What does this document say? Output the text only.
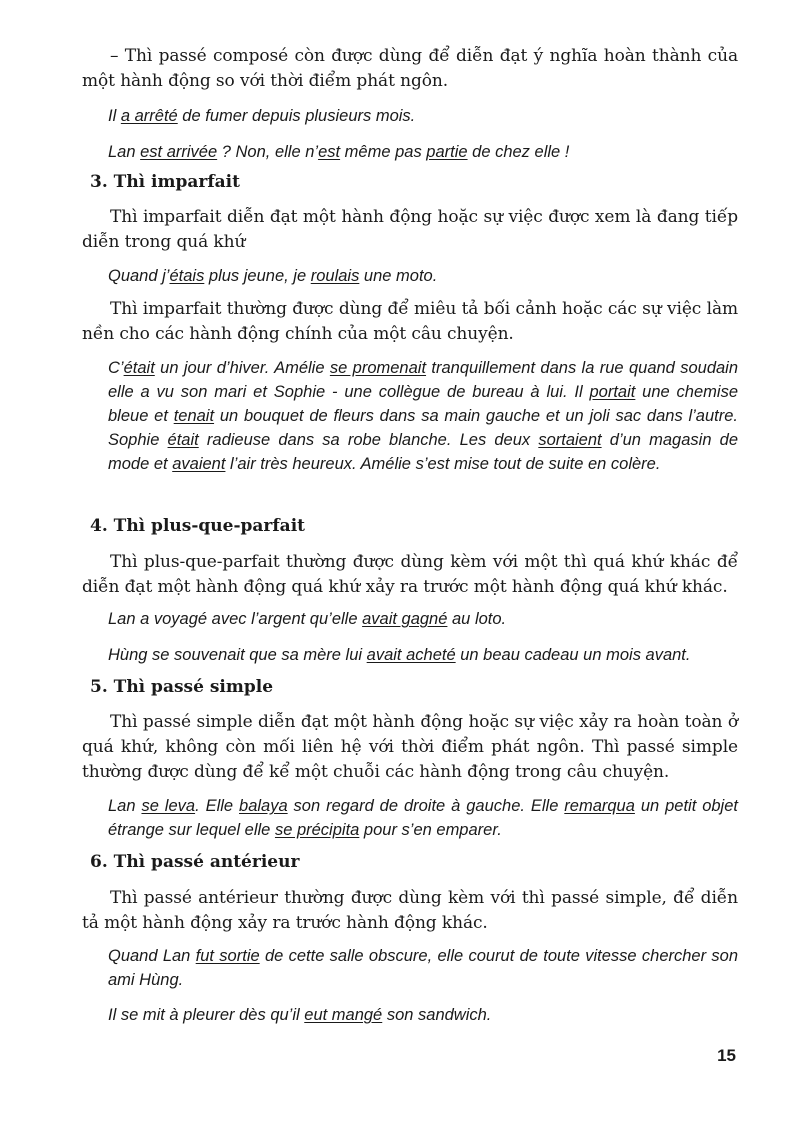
– Thì passé composé còn được dùng để diễn đạt ý nghĩa hoàn thành của một hành động so với thời điểm phát ngôn.
Il a arrêté de fumer depuis plusieurs mois.
Lan est arrivée ? Non, elle n’est même pas partie de chez elle !
3. Thì imparfait
Thì imparfait diễn đạt một hành động hoặc sự việc được xem là đang tiếp diễn trong quá khứ
Quand j’étais plus jeune, je roulais une moto.
Thì imparfait thường được dùng để miêu tả bối cảnh hoặc các sự việc làm nền cho các hành động chính của một câu chuyện.
C’était un jour d’hiver. Amélie se promenait tranquillement dans la rue quand soudain elle a vu son mari et Sophie - une collègue de bureau à lui. Il portait une chemise bleue et tenait un bouquet de fleurs dans sa main gauche et un joli sac dans l’autre. Sophie était radieuse dans sa robe blanche. Les deux sortaient d’un magasin de mode et avaient l’air très heureux. Amélie s’est mise tout de suite en colère.
4. Thì plus-que-parfait
Thì plus-que-parfait thường được dùng kèm với một thì quá khứ khác để diễn đạt một hành động quá khứ xảy ra trước một hành động quá khứ khác.
Lan a voyagé avec l’argent qu’elle avait gagné au loto.
Hùng se souvenait que sa mère lui avait acheté un beau cadeau un mois avant.
5. Thì passé simple
Thì passé simple diễn đạt một hành động hoặc sự việc xảy ra hoàn toàn ở quá khứ, không còn mối liên hệ với thời điểm phát ngôn. Thì passé simple thường được dùng để kể một chuỗi các hành động trong câu chuyện.
Lan se leva. Elle balaya son regard de droite à gauche. Elle remarqua un petit objet étrange sur lequel elle se précipita pour s’en emparer.
6. Thì passé antérieur
Thì passé antérieur thường được dùng kèm với thì passé simple, để diễn tả một hành động xảy ra trước hành động khác.
Quand Lan fut sortie de cette salle obscure, elle courut de toute vitesse chercher son ami Hùng.
Il se mit à pleurer dès qu’il eut mangé son sandwich.
15
